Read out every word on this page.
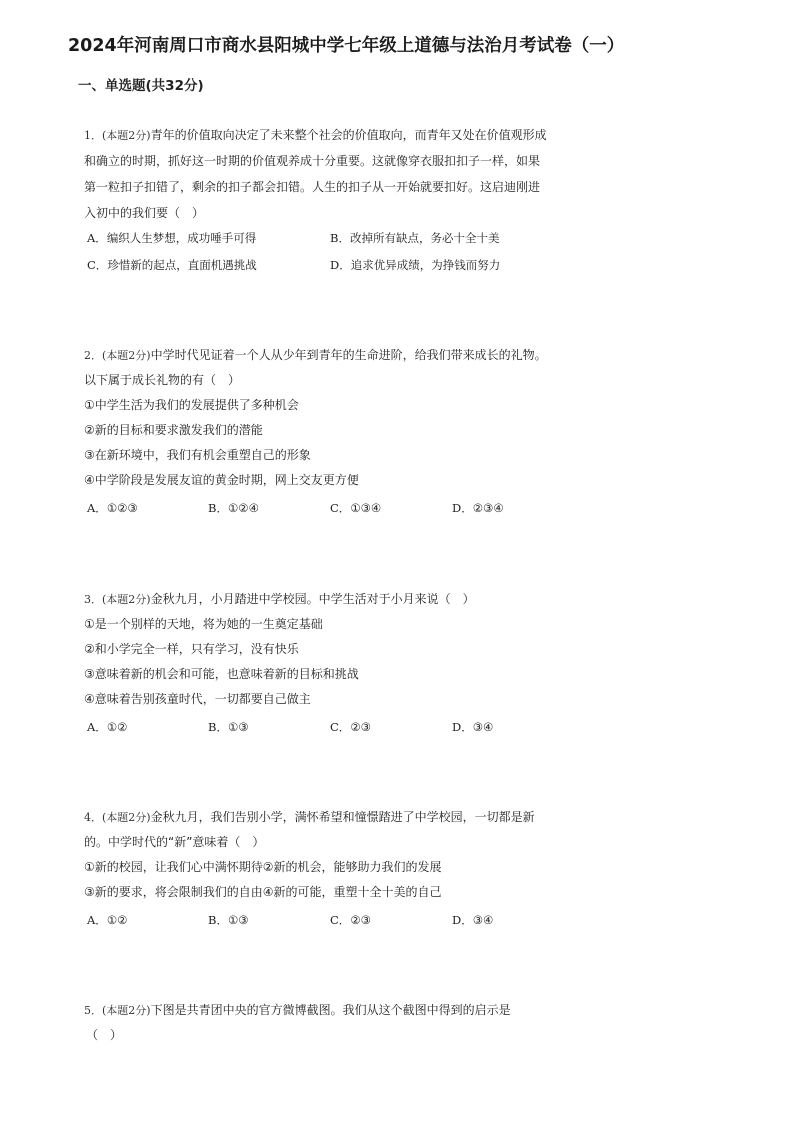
2024年河南周口市商水县阳城中学七年级上道德与法治月考试卷（一）
一、单选题(共32分)
1．(本题2分)青年的价值取向决定了未来整个社会的价值取向，而青年又处在价值观形成
和确立的时期，抓好这一时期的价值观养成十分重要。这就像穿衣服扣扣子一样，如果
第一粒扣子扣错了，剩余的扣子都会扣错。人生的扣子从一开始就要扣好。这启迪刚进
入初中的我们要（　）
A．编织人生梦想，成功唾手可得	B．改掉所有缺点，务必十全十美
C．珍惜新的起点，直面机遇挑战	D．追求优异成绩，为挣钱而努力
2．(本题2分)中学时代见证着一个人从少年到青年的生命进阶，给我们带来成长的礼物。
以下属于成长礼物的有（　）
①中学生活为我们的发展提供了多种机会
②新的目标和要求激发我们的潜能
③在新环境中，我们有机会重塑自己的形象
④中学阶段是发展友谊的黄金时期，网上交友更方便
A．①②③	B．①②④	C．①③④	D．②③④
3．(本题2分)金秋九月，小月踏进中学校园。中学生活对于小月来说（　）
①是一个别样的天地，将为她的一生奠定基础
②和小学完全一样，只有学习，没有快乐
③意味着新的机会和可能，也意味着新的目标和挑战
④意味着告别孩童时代，一切都要自己做主
A．①②	B．①③	C．②③	D．③④
4．(本题2分)金秋九月，我们告别小学，满怀希望和憧憬踏进了中学校园，一切都是新
的。中学时代的“新”意味着（　）
①新的校园，让我们心中满怀期待②新的机会，能够助力我们的发展
③新的要求，将会限制我们的自由④新的可能，重塑十全十美的自己
A．①②	B．①③	C．②③	D．③④
5．(本题2分)下图是共青团中央的官方微博截图。我们从这个截图中得到的启示是
（　）
